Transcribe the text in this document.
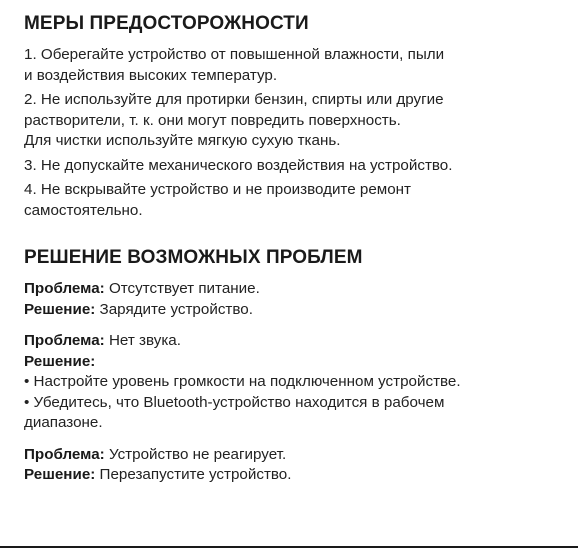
МЕРЫ ПРЕДОСТОРОЖНОСТИ

1. Оберегайте устройство от повышенной влажности, пыли
и воздействия высоких температур.

2. Не используйте для протирки бензин, спирты или другие
растворители, т. к. они могут повредить поверхность.
Для чистки используйте мягкую сухую ткань.

3. Не допускайте механического воздействия на устройство.

4. Не вскрывайте устройство и не производите ремонт
самостоятельно.

РЕШЕНИЕ ВОЗМОЖНЫХ ПРОБЛЕМ

Проблема: Отсутствует питание.

Решение: Зарядите устройство.

Проблема: Нет звука.

Решение:

• Настройте уровень громкости на подключенном устройстве.

• Убедитесь, что Bluetooth-устройство находится в рабочем
диапазоне.

Проблема: Устройство не реагирует.

Решение: Перезапустите устройство.
